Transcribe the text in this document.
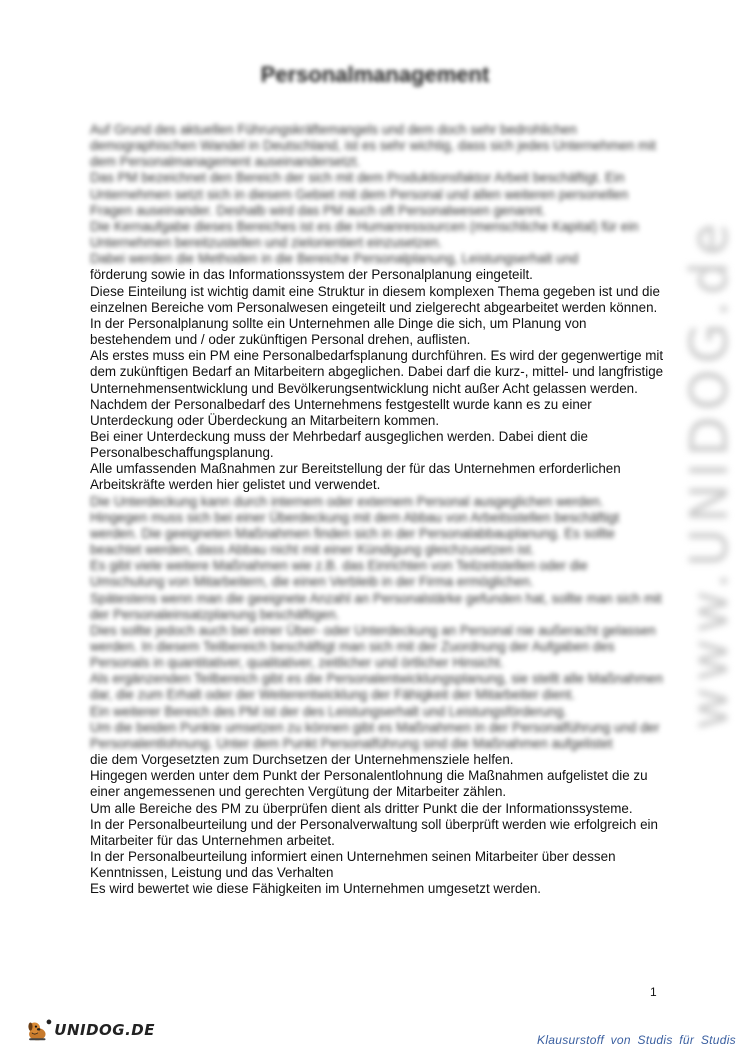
Personalmanagement

Auf Grund des aktuellen Führungskräftemangels und dem doch sehr bedrohlichen demographischen Wandel in Deutschland, ist es sehr wichtig, dass sich jedes Unternehmen mit dem Personalmanagement auseinandersetzt.

Das PM bezeichnet den Bereich der sich mit dem Produktionsfaktor Arbeit beschäftigt. Ein Unternehmen setzt sich in diesem Gebiet mit dem Personal und allen weiteren personellen Fragen auseinander. Deshalb wird das PM auch oft Personalwesen genannt.

Die Kernaufgabe dieses Bereiches ist es die Humanressourcen (menschliche Kapital) für ein Unternehmen bereitzustellen und zielorientiert einzusetzen.

Dabei werden die Methoden in die Bereiche Personalplanung, Leistungserhalt und

förderung sowie in das Informationssystem der Personalplanung eingeteilt.

Diese Einteilung ist wichtig damit eine Struktur in diesem komplexen Thema gegeben ist und die einzelnen Bereiche vom Personalwesen eingeteilt und zielgerecht abgearbeitet werden können.

In der Personalplanung sollte ein Unternehmen alle Dinge die sich, um Planung von bestehendem und / oder zukünftigen Personal drehen, auflisten.

Als erstes muss ein PM eine Personalbedarfsplanung durchführen. Es wird der gegenwertige mit dem zukünftigen Bedarf an Mitarbeitern abgeglichen. Dabei darf die kurz-, mittel- und langfristige Unternehmensentwicklung und Bevölkerungsentwicklung nicht außer Acht gelassen werden.

Nachdem der Personalbedarf des Unternehmens festgestellt wurde kann es zu einer Unterdeckung oder Überdeckung an Mitarbeitern kommen.

Bei einer Unterdeckung muss der Mehrbedarf ausgeglichen werden. Dabei dient die Personalbeschaffungsplanung.

Alle umfassenden Maßnahmen zur Bereitstellung der für das Unternehmen erforderlichen Arbeitskräfte werden hier gelistet und verwendet.

Die Unterdeckung kann durch internem oder externem Personal ausgeglichen werden.

Hingegen muss sich bei einer Überdeckung mit dem Abbau von Arbeitsstellen beschäftigt werden. Die geeigneten Maßnahmen finden sich in der Personalabbauplanung. Es sollte beachtet werden, dass Abbau nicht mit einer Kündigung gleichzusetzen ist.

Es gibt viele weitere Maßnahmen wie z.B. das Einrichten von Teilzeitstellen oder die Umschulung von Mitarbeitern, die einen Verbleib in der Firma ermöglichen.

Spätestens wenn man die geeignete Anzahl an Personalstärke gefunden hat, sollte man sich mit der Personaleinsatzplanung beschäftigen.

Dies sollte jedoch auch bei einer Über- oder Unterdeckung an Personal nie außeracht gelassen werden. In diesem Teilbereich beschäftigt man sich mit der Zuordnung der Aufgaben des Personals in quantitativer, qualitativer, zeitlicher und örtlicher Hinsicht.

Als ergänzenden Teilbereich gibt es die Personalentwicklungsplanung, sie stellt alle Maßnahmen dar, die zum Erhalt oder der Weiterentwicklung der Fähigkeit der Mitarbeiter dient.

Ein weiterer Bereich des PM ist der des Leistungserhalt und Leistungsförderung.

Um die beiden Punkte umsetzen zu können gibt es Maßnahmen in der Personalführung und der Personalentlohnung. Unter dem Punkt Personalführung sind die Maßnahmen aufgelistet

die dem Vorgesetzten zum Durchsetzen der Unternehmensziele helfen.

Hingegen werden unter dem Punkt der Personalentlohnung die Maßnahmen aufgelistet die zu einer angemessenen und gerechten Vergütung der Mitarbeiter zählen.

Um alle Bereiche des PM zu überprüfen dient als dritter Punkt die der Informationssysteme.

In der Personalbeurteilung und der Personalverwaltung soll überprüft werden wie erfolgreich ein Mitarbeiter für das Unternehmen arbeitet.

In der Personalbeurteilung informiert einen Unternehmen seinen Mitarbeiter über dessen Kenntnissen, Leistung und das Verhalten

Es wird bewertet wie diese Fähigkeiten im Unternehmen umgesetzt werden.

www.UNIDOG.de
1
● UNIDOG.DE
Klausurstoff von Studis für Studis
